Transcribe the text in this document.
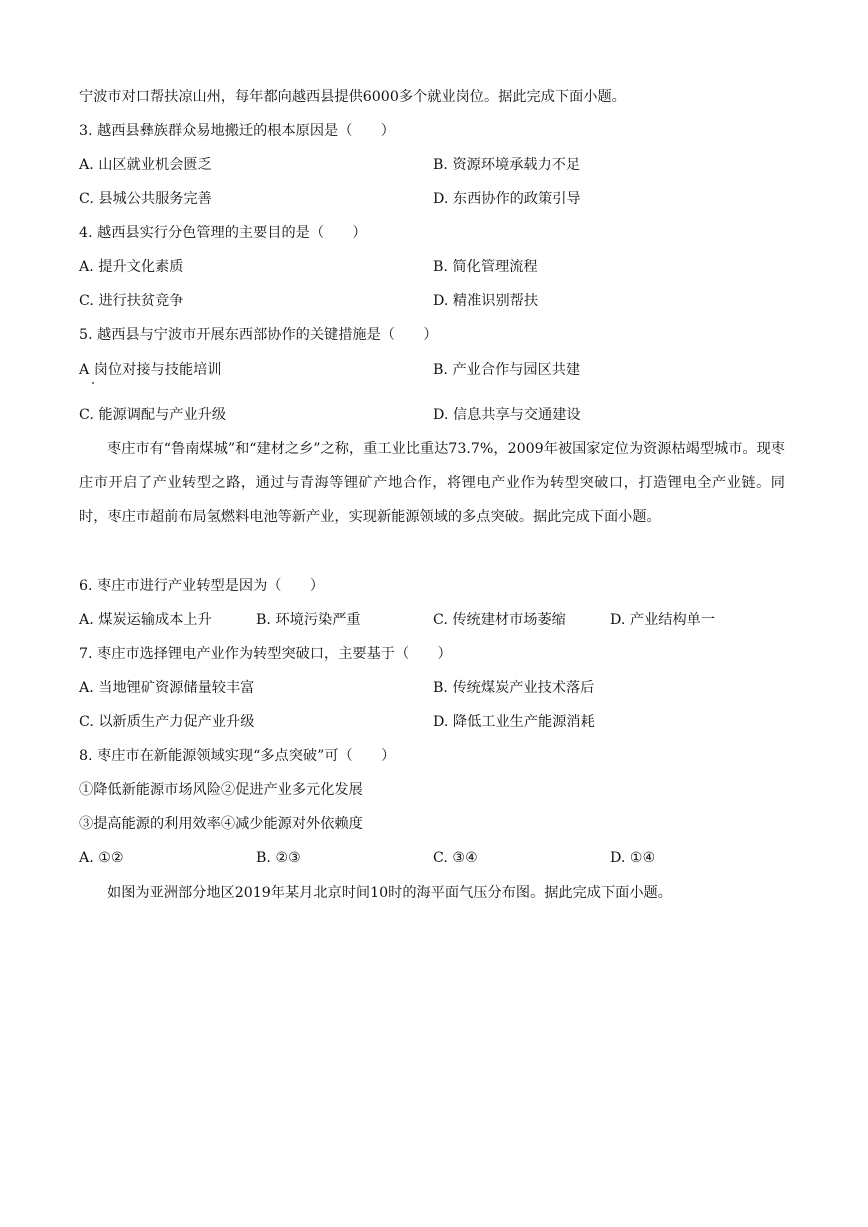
宁波市对口帮扶凉山州，每年都向越西县提供6000多个就业岗位。据此完成下面小题。
3. 越西县彝族群众易地搬迁的根本原因是（　　）
A. 山区就业机会匮乏	B. 资源环境承载力不足
C. 县城公共服务完善	D. 东西协作的政策引导
4. 越西县实行分色管理的主要目的是（　　）
A. 提升文化素质	B. 简化管理流程
C. 进行扶贫竞争	D. 精准识别帮扶
5. 越西县与宁波市开展东西部协作的关键措施是（　　）
A 岗位对接与技能培训	B. 产业合作与园区共建
C. 能源调配与产业升级	D. 信息共享与交通建设
枣庄市有“鲁南煤城”和“建材之乡”之称，重工业比重达73.7%，2009年被国家定位为资源枯竭型城市。现枣庄市开启了产业转型之路，通过与青海等锂矿产地合作，将锂电产业作为转型突破口，打造锂电全产业链。同时，枣庄市超前布局氢燃料电池等新产业，实现新能源领域的多点突破。据此完成下面小题。
6. 枣庄市进行产业转型是因为（　　）
A. 煤炭运输成本上升	B. 环境污染严重	C. 传统建材市场萎缩	D. 产业结构单一
7. 枣庄市选择锂电产业作为转型突破口，主要基于（　　）
A. 当地锂矿资源储量较丰富	B. 传统煤炭产业技术落后
C. 以新质生产力促产业升级	D. 降低工业生产能源消耗
8. 枣庄市在新能源领域实现“多点突破”可（　　）
①降低新能源市场风险②促进产业多元化发展
③提高能源的利用效率④减少能源对外依赖度
A. ①②	B. ②③	C. ③④	D. ①④
如图为亚洲部分地区2019年某月北京时间10时的海平面气压分布图。据此完成下面小题。
